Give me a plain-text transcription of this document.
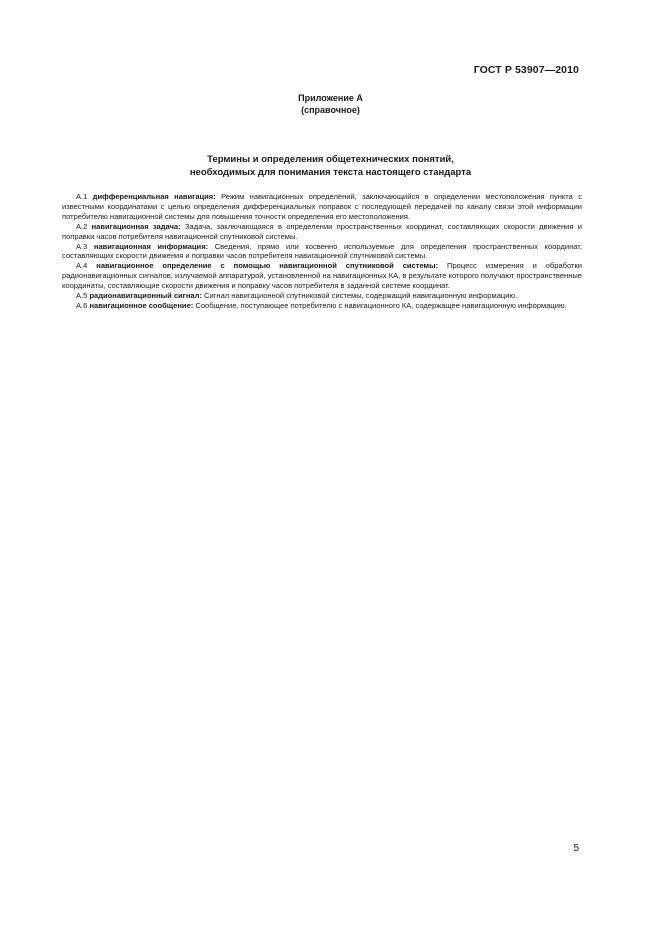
ГОСТ Р 53907—2010
Приложение А
(справочное)
Термины и определения общетехнических понятий,
необходимых для понимания текста настоящего стандарта

А.1 дифференциальная навигация: Режим навигационных определений, заключающийся в определении местоположения пункта с известными координатами с целью определения дифференциальных поправок с последующей передачей по каналу связи этой информации потребителю навигационной системы для повышения точности определения его местоположения.

А.2 навигационная задача: Задача, заключающаяся в определении пространственных координат, составляющих скорости движения и поправки часов потребителя навигационной спутниковой системы.

А.3 навигационная информация: Сведения, прямо или косвенно используемые для определения пространственных координат, составляющих скорости движения и поправки часов потребителя навигационной спутниковой системы.

А.4 навигационное определение с помощью навигационной спутниковой системы: Процесс измерения и обработки радионавигационных сигналов, излучаемой аппаратурой, установленной на навигационных КА, в результате которого получают пространственные координаты, составляющие скорости движения и поправку часов потребителя в заданной системе координат.

А.5 радионавигационный сигнал: Сигнал навигационной спутниковой системы, содержащий навигационную информацию.

А.6 навигационное сообщение: Сообщение, поступающее потребителю с навигационного КА, содержащее навигационную информацию.

5
